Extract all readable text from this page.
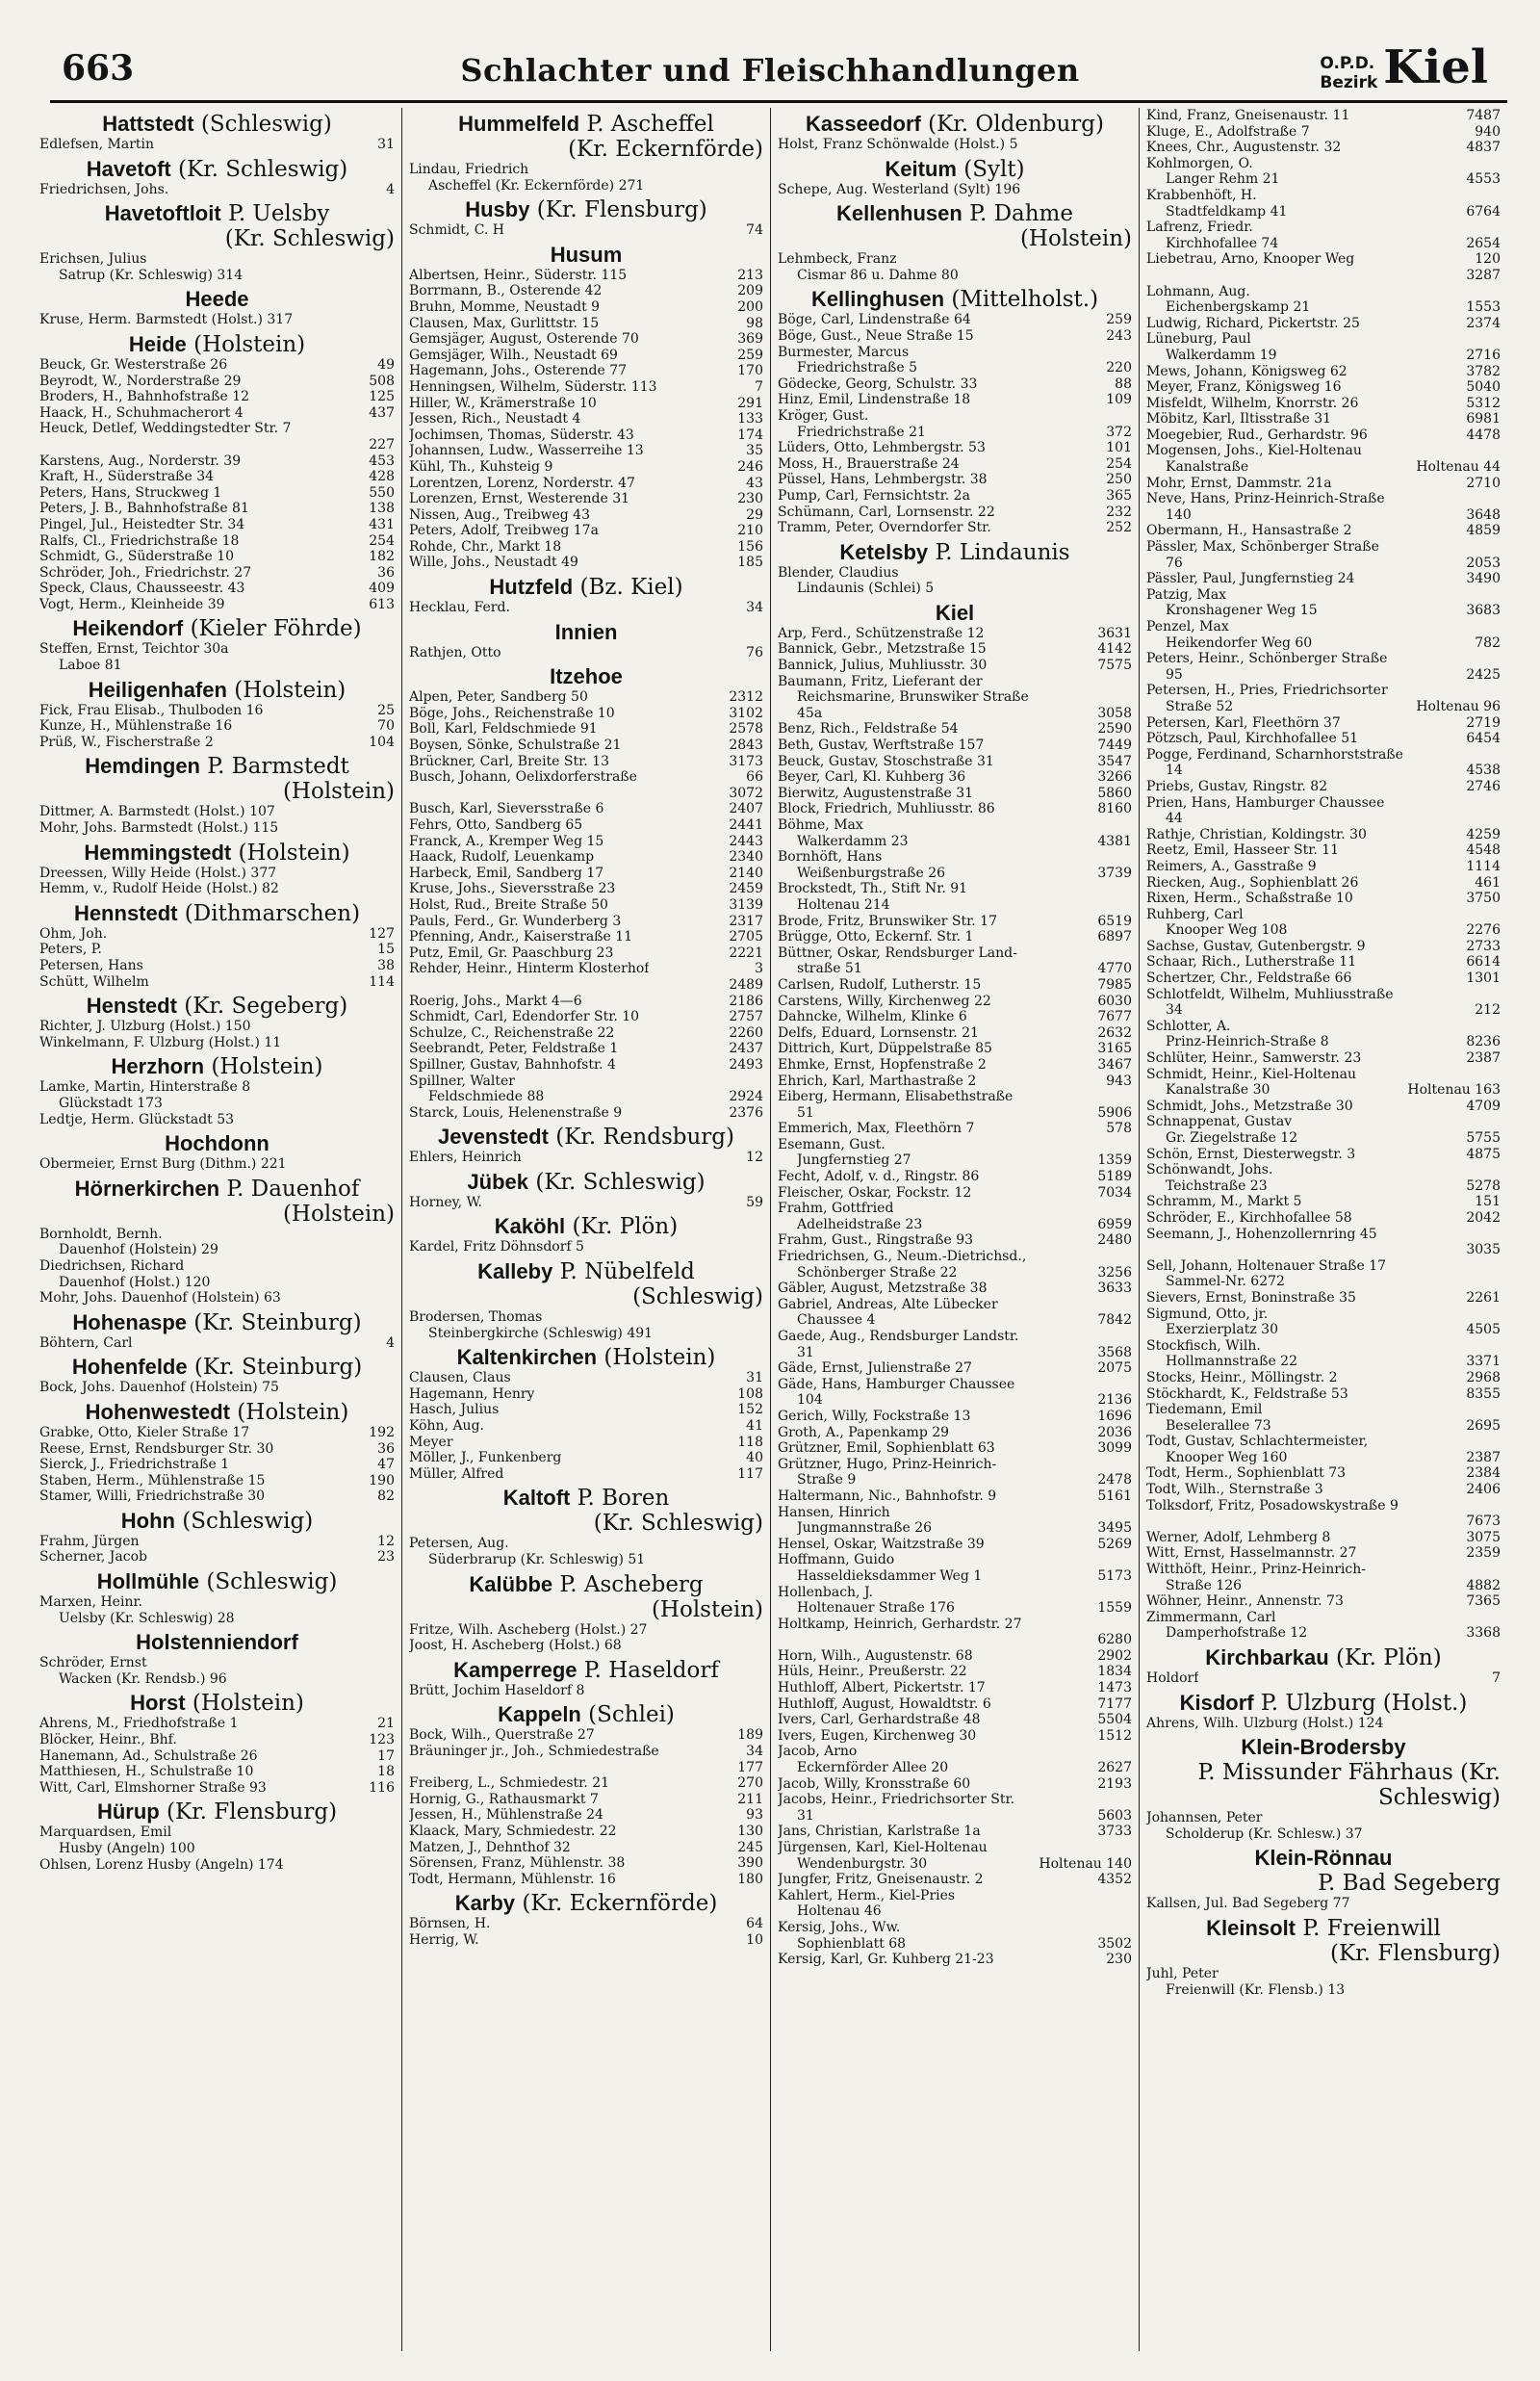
663	Schlachter und Fleischhandlungen	O.P.D.
Bezirk Kiel
Hattstedt (Schleswig)
Edlefsen, Martin	31
Havetoft (Kr. Schleswig)
Friedrichsen, Johs.	4
Havetoftloit P. Uelsby
(Kr. Schleswig)
Erichsen, Julius
Satrup (Kr. Schleswig) 314
Heede
Kruse, Herm. Barmstedt (Holst.) 317
Heide (Holstein)
Beuck, Gr. Westerstraße 26	49
Beyrodt, W., Norderstraße 29	508
Broders, H., Bahnhofstraße 12	125
Haack, H., Schuhmacherort 4	437
Heuck, Detlef, Weddingstedter Str. 7
227
Karstens, Aug., Norderstr. 39	453
Kraft, H., Süderstraße 34	428
Peters, Hans, Struckweg 1	550
Peters, J. B., Bahnhofstraße 81	138
Pingel, Jul., Heistedter Str. 34	431
Ralfs, Cl., Friedrichstraße 18	254
Schmidt, G., Süderstraße 10	182
Schröder, Joh., Friedrichstr. 27	36
Speck, Claus, Chausseestr. 43	409
Vogt, Herm., Kleinheide 39	613
Heikendorf (Kieler Föhrde)
Steffen, Ernst, Teichtor 30a
Laboe 81
Heiligenhafen (Holstein)
Fick, Frau Elisab., Thulboden 16	25
Kunze, H., Mühlenstraße 16	70
Prüß, W., Fischerstraße 2	104
Hemdingen P. Barmstedt
(Holstein)
Dittmer, A. Barmstedt (Holst.) 107
Mohr, Johs. Barmstedt (Holst.) 115
Hemmingstedt (Holstein)
Dreessen, Willy Heide (Holst.) 377
Hemm, v., Rudolf Heide (Holst.) 82
Hennstedt (Dithmarschen)
Ohm, Joh.	127
Peters, P.	15
Petersen, Hans	38
Schütt, Wilhelm	114
Henstedt (Kr. Segeberg)
Richter, J. Ulzburg (Holst.) 150
Winkelmann, F. Ulzburg (Holst.) 11
Herzhorn (Holstein)
Lamke, Martin, Hinterstraße 8
Glückstadt 173
Ledtje, Herm. Glückstadt 53
Hochdonn
Obermeier, Ernst Burg (Dithm.) 221
Hörnerkirchen P. Dauenhof
(Holstein)
Bornholdt, Bernh.
Dauenhof (Holstein) 29
Diedrichsen, Richard
Dauenhof (Holst.) 120
Mohr, Johs. Dauenhof (Holstein) 63
Hohenaspe (Kr. Steinburg)
Böhtern, Carl	4
Hohenfelde (Kr. Steinburg)
Bock, Johs. Dauenhof (Holstein) 75
Hohenwestedt (Holstein)
Grabke, Otto, Kieler Straße 17	192
Reese, Ernst, Rendsburger Str. 30	36
Sierck, J., Friedrichstraße 1	47
Staben, Herm., Mühlenstraße 15	190
Stamer, Willi, Friedrichstraße 30	82
Hohn (Schleswig)
Frahm, Jürgen	12
Scherner, Jacob	23
Hollmühle (Schleswig)
Marxen, Heinr.
Uelsby (Kr. Schleswig) 28
Holstenniendorf
Schröder, Ernst
Wacken (Kr. Rendsb.) 96
Horst (Holstein)
Ahrens, M., Friedhofstraße 1	21
Blöcker, Heinr., Bhf.	123
Hanemann, Ad., Schulstraße 26	17
Matthiesen, H., Schulstraße 10	18
Witt, Carl, Elmshorner Straße 93	116
Hürup (Kr. Flensburg)
Marquardsen, Emil
Husby (Angeln) 100
Ohlsen, Lorenz Husby (Angeln) 174
Hummelfeld P. Ascheffel
(Kr. Eckernförde)
Lindau, Friedrich
Ascheffel (Kr. Eckernförde) 271
Husby (Kr. Flensburg)
Schmidt, C. H	74
Husum
Albertsen, Heinr., Süderstr. 115	213
Borrmann, B., Osterende 42	209
Bruhn, Momme, Neustadt 9	200
Clausen, Max, Gurlittstr. 15	98
Gemsjäger, August, Osterende 70	369
Gemsjäger, Wilh., Neustadt 69	259
Hagemann, Johs., Osterende 77	170
Henningsen, Wilhelm, Süderstr. 113	7
Hiller, W., Krämerstraße 10	291
Jessen, Rich., Neustadt 4	133
Jochimsen, Thomas, Süderstr. 43	174
Johannsen, Ludw., Wasserreihe 13	35
Kühl, Th., Kuhsteig 9	246
Lorentzen, Lorenz, Norderstr. 47	43
Lorenzen, Ernst, Westerende 31	230
Nissen, Aug., Treibweg 43	29
Peters, Adolf, Treibweg 17a	210
Rohde, Chr., Markt 18	156
Wille, Johs., Neustadt 49	185
Hutzfeld (Bz. Kiel)
Hecklau, Ferd.	34
Innien
Rathjen, Otto	76
Itzehoe
Alpen, Peter, Sandberg 50	2312
Böge, Johs., Reichenstraße 10	3102
Boll, Karl, Feldschmiede 91	2578
Boysen, Sönke, Schulstraße 21	2843
Brückner, Carl, Breite Str. 13	3173
Busch, Johann, Oelixdorferstraße	66
3072
Busch, Karl, Sieversstraße 6	2407
Fehrs, Otto, Sandberg 65	2441
Franck, A., Kremper Weg 15	2443
Haack, Rudolf, Leuenkamp	2340
Harbeck, Emil, Sandberg 17	2140
Kruse, Johs., Sieversstraße 23	2459
Holst, Rud., Breite Straße 50	3139
Pauls, Ferd., Gr. Wunderberg 3	2317
Pfenning, Andr., Kaiserstraße 11	2705
Putz, Emil, Gr. Paaschburg 23	2221
Rehder, Heinr., Hinterm Klosterhof	3
2489
Roerig, Johs., Markt 4—6	2186
Schmidt, Carl, Edendorfer Str. 10	2757
Schulze, C., Reichenstraße 22	2260
Seebrandt, Peter, Feldstraße 1	2437
Spillner, Gustav, Bahnhofstr. 4	2493
Spillner, Walter
Feldschmiede 88	2924
Starck, Louis, Helenenstraße 9	2376
Jevenstedt (Kr. Rendsburg)
Ehlers, Heinrich	12
Jübek (Kr. Schleswig)
Horney, W.	59
Kaköhl (Kr. Plön)
Kardel, Fritz Döhnsdorf 5
Kalleby P. Nübelfeld
(Schleswig)
Brodersen, Thomas
Steinbergkirche (Schleswig) 491
Kaltenkirchen (Holstein)
Clausen, Claus	31
Hagemann, Henry	108
Hasch, Julius	152
Köhn, Aug.	41
Meyer	118
Möller, J., Funkenberg	40
Müller, Alfred	117
Kaltoft P. Boren
(Kr. Schleswig)
Petersen, Aug.
Süderbrarup (Kr. Schleswig) 51
Kalübbe P. Ascheberg
(Holstein)
Fritze, Wilh. Ascheberg (Holst.) 27
Joost, H. Ascheberg (Holst.) 68
Kamperrege P. Haseldorf
Brütt, Jochim Haseldorf 8
Kappeln (Schlei)
Bock, Wilh., Querstraße 27	189
Bräuninger jr., Joh., Schmiedestraße	34
177
Freiberg, L., Schmiedestr. 21	270
Hornig, G., Rathausmarkt 7	211
Jessen, H., Mühlenstraße 24	93
Klaack, Mary, Schmiedestr. 22	130
Matzen, J., Dehnthof 32	245
Sörensen, Franz, Mühlenstr. 38	390
Todt, Hermann, Mühlenstr. 16	180
Karby (Kr. Eckernförde)
Börnsen, H.	64
Herrig, W.	10
Kasseedorf (Kr. Oldenburg)
Holst, Franz Schönwalde (Holst.) 5
Keitum (Sylt)
Schepe, Aug. Westerland (Sylt) 196
Kellenhusen P. Dahme
(Holstein)
Lehmbeck, Franz
Cismar 86 u. Dahme 80
Kellinghusen (Mittelholst.)
Böge, Carl, Lindenstraße 64	259
Böge, Gust., Neue Straße 15	243
Burmester, Marcus
Friedrichstraße 5	220
Gödecke, Georg, Schulstr. 33	88
Hinz, Emil, Lindenstraße 18	109
Kröger, Gust.
Friedrichstraße 21	372
Lüders, Otto, Lehmbergstr. 53	101
Moss, H., Brauerstraße 24	254
Püssel, Hans, Lehmbergstr. 38	250
Pump, Carl, Fernsichtstr. 2a	365
Schümann, Carl, Lornsenstr. 22	232
Tramm, Peter, Overndorfer Str.	252
Ketelsby P. Lindaunis
Blender, Claudius
Lindaunis (Schlei) 5
Kiel
Arp, Ferd., Schützenstraße 12	3631
Bannick, Gebr., Metzstraße 15	4142
Bannick, Julius, Muhliusstr. 30	7575
Baumann, Fritz, Lieferant der
Reichsmarine, Brunswiker Straße
45a	3058
Benz, Rich., Feldstraße 54	2590
Beth, Gustav, Werftstraße 157	7449
Beuck, Gustav, Stoschstraße 31	3547
Beyer, Carl, Kl. Kuhberg 36	3266
Bierwitz, Augustenstraße 31	5860
Block, Friedrich, Muhliusstr. 86	8160
Böhme, Max
Walkerdamm 23	4381
Bornhöft, Hans
Weißenburgstraße 26	3739
Brockstedt, Th., Stift Nr. 91
Holtenau 214
Brode, Fritz, Brunswiker Str. 17	6519
Brügge, Otto, Eckernf. Str. 1	6897
Büttner, Oskar, Rendsburger Land-
straße 51	4770
Carlsen, Rudolf, Lutherstr. 15	7985
Carstens, Willy, Kirchenweg 22	6030
Dahncke, Wilhelm, Klinke 6	7677
Delfs, Eduard, Lornsenstr. 21	2632
Dittrich, Kurt, Düppelstraße 85	3165
Ehmke, Ernst, Hopfenstraße 2	3467
Ehrich, Karl, Marthastraße 2	943
Eiberg, Hermann, Elisabethstraße
51	5906
Emmerich, Max, Fleethörn 7	578
Esemann, Gust.
Jungfernstieg 27	1359
Fecht, Adolf, v. d., Ringstr. 86	5189
Fleischer, Oskar, Fockstr. 12	7034
Frahm, Gottfried
Adelheidstraße 23	6959
Frahm, Gust., Ringstraße 93	2480
Friedrichsen, G., Neum.-Dietrichsd.,
Schönberger Straße 22	3256
Gäbler, August, Metzstraße 38	3633
Gabriel, Andreas, Alte Lübecker
Chaussee 4	7842
Gaede, Aug., Rendsburger Landstr.
31	3568
Gäde, Ernst, Julienstraße 27	2075
Gäde, Hans, Hamburger Chaussee
104	2136
Gerich, Willy, Fockstraße 13	1696
Groth, A., Papenkamp 29	2036
Grützner, Emil, Sophienblatt 63	3099
Grützner, Hugo, Prinz-Heinrich-
Straße 9	2478
Haltermann, Nic., Bahnhofstr. 9	5161
Hansen, Hinrich
Jungmannstraße 26	3495
Hensel, Oskar, Waitzstraße 39	5269
Hoffmann, Guido
Hasseldieksdammer Weg 1	5173
Hollenbach, J.
Holtenauer Straße 176	1559
Holtkamp, Heinrich, Gerhardstr. 27
6280
Horn, Wilh., Augustenstr. 68	2902
Hüls, Heinr., Preußerstr. 22	1834
Huthloff, Albert, Pickertstr. 17	1473
Huthloff, August, Howaldtstr. 6	7177
Ivers, Carl, Gerhardstraße 48	5504
Ivers, Eugen, Kirchenweg 30	1512
Jacob, Arno
Eckernförder Allee 20	2627
Jacob, Willy, Kronsstraße 60	2193
Jacobs, Heinr., Friedrichsorter Str.
31	5603
Jans, Christian, Karlstraße 1a	3733
Jürgensen, Karl, Kiel-Holtenau
Wendenburgstr. 30	Holtenau 140
Jungfer, Fritz, Gneisenaustr. 2	4352
Kahlert, Herm., Kiel-Pries
Holtenau 46
Kersig, Johs., Ww.
Sophienblatt 68	3502
Kersig, Karl, Gr. Kuhberg 21-23	230
Kind, Franz, Gneisenaustr. 11	7487
Kluge, E., Adolfstraße 7	940
Knees, Chr., Augustenstr. 32	4837
Kohlmorgen, O.
Langer Rehm 21	4553
Krabbenhöft, H.
Stadtfeldkamp 41	6764
Lafrenz, Friedr.
Kirchhofallee 74	2654
Liebetrau, Arno, Knooper Weg	120
3287
Lohmann, Aug.
Eichenbergskamp 21	1553
Ludwig, Richard, Pickertstr. 25	2374
Lüneburg, Paul
Walkerdamm 19	2716
Mews, Johann, Königsweg 62	3782
Meyer, Franz, Königsweg 16	5040
Misfeldt, Wilhelm, Knorrstr. 26	5312
Möbitz, Karl, Iltisstraße 31	6981
Moegebier, Rud., Gerhardstr. 96	4478
Mogensen, Johs., Kiel-Holtenau
Kanalstraße	Holtenau 44
Mohr, Ernst, Dammstr. 21a	2710
Neve, Hans, Prinz-Heinrich-Straße
140	3648
Obermann, H., Hansastraße 2	4859
Pässler, Max, Schönberger Straße
76	2053
Pässler, Paul, Jungfernstieg 24	3490
Patzig, Max
Kronshagener Weg 15	3683
Penzel, Max
Heikendorfer Weg 60	782
Peters, Heinr., Schönberger Straße
95	2425
Petersen, H., Pries, Friedrichsorter
Straße 52	Holtenau 96
Petersen, Karl, Fleethörn 37	2719
Pötzsch, Paul, Kirchhofallee 51	6454
Pogge, Ferdinand, Scharnhorststraße
14	4538
Priebs, Gustav, Ringstr. 82	2746
Prien, Hans, Hamburger Chaussee
44
Rathje, Christian, Koldingstr. 30	4259
Reetz, Emil, Hasseer Str. 11	4548
Reimers, A., Gasstraße 9	1114
Riecken, Aug., Sophienblatt 26	461
Rixen, Herm., Schaßstraße 10	3750
Ruhberg, Carl
Knooper Weg 108	2276
Sachse, Gustav, Gutenbergstr. 9	2733
Schaar, Rich., Lutherstraße 11	6614
Schertzer, Chr., Feldstraße 66	1301
Schlotfeldt, Wilhelm, Muhliusstraße
34	212
Schlotter, A.
Prinz-Heinrich-Straße 8	8236
Schlüter, Heinr., Samwerstr. 23	2387
Schmidt, Heinr., Kiel-Holtenau
Kanalstraße 30	Holtenau 163
Schmidt, Johs., Metzstraße 30	4709
Schnappenat, Gustav
Gr. Ziegelstraße 12	5755
Schön, Ernst, Diesterwegstr. 3	4875
Schönwandt, Johs.
Teichstraße 23	5278
Schramm, M., Markt 5	151
Schröder, E., Kirchhofallee 58	2042
Seemann, J., Hohenzollernring 45
3035
Sell, Johann, Holtenauer Straße 17
Sammel-Nr. 6272
Sievers, Ernst, Boninstraße 35	2261
Sigmund, Otto, jr.
Exerzierplatz 30	4505
Stockfisch, Wilh.
Hollmannstraße 22	3371
Stocks, Heinr., Möllingstr. 2	2968
Stöckhardt, K., Feldstraße 53	8355
Tiedemann, Emil
Beselerallee 73	2695
Todt, Gustav, Schlachtermeister,
Knooper Weg 160	2387
Todt, Herm., Sophienblatt 73	2384
Todt, Wilh., Sternstraße 3	2406
Tolksdorf, Fritz, Posadowskystraße 9
7673
Werner, Adolf, Lehmberg 8	3075
Witt, Ernst, Hasselmannstr. 27	2359
Witthöft, Heinr., Prinz-Heinrich-
Straße 126	4882
Wöhner, Heinr., Annenstr. 73	7365
Zimmermann, Carl
Damperhofstraße 12	3368
Kirchbarkau (Kr. Plön)
Holdorf	7
Kisdorf P. Ulzburg (Holst.)
Ahrens, Wilh. Ulzburg (Holst.) 124
Klein-Brodersby
P. Missunder Fährhaus (Kr. Schleswig)
Johannsen, Peter
Scholderup (Kr. Schlesw.) 37
Klein-Rönnau
P. Bad Segeberg
Kallsen, Jul. Bad Segeberg 77
Kleinsolt P. Freienwill
(Kr. Flensburg)
Juhl, Peter
Freienwill (Kr. Flensb.) 13
